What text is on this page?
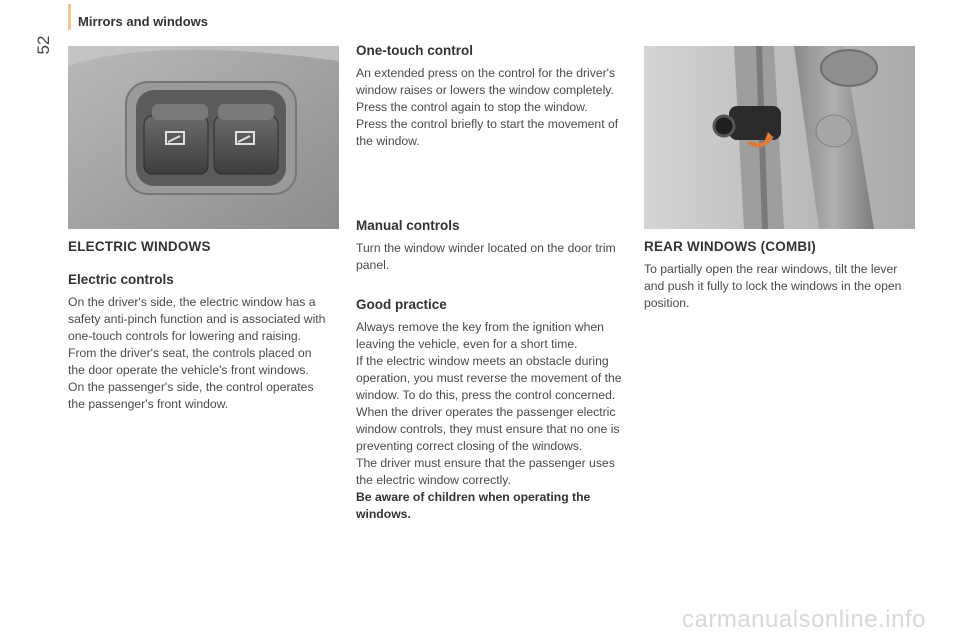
Mirrors and windows
52
ELECTRIC WINDOWS
Electric controls

On the driver's side, the electric window has a safety anti-pinch function and is associated with one-touch controls for lowering and raising.

From the driver's seat, the controls placed on the door operate the vehicle's front windows.

On the passenger's side, the control operates the passenger's front window.

One-touch control

An extended press on the control for the driver's window raises or lowers the window completely.

Press the control again to stop the window.

Press the control briefly to start the movement of the window.

Manual controls

Turn the window winder located on the door trim panel.

Good practice

Always remove the key from the ignition when leaving the vehicle, even for a short time.

If the electric window meets an obstacle during operation, you must reverse the movement of the window. To do this, press the control concerned.

When the driver operates the passenger electric window controls, they must ensure that no one is preventing correct closing of the windows.

The driver must ensure that the passenger uses the electric window correctly.

Be aware of children when operating the windows.

REAR WINDOWS (COMBI)

To partially open the rear windows, tilt the lever and push it fully to lock the windows in the open position.

carmanualsonline.info
